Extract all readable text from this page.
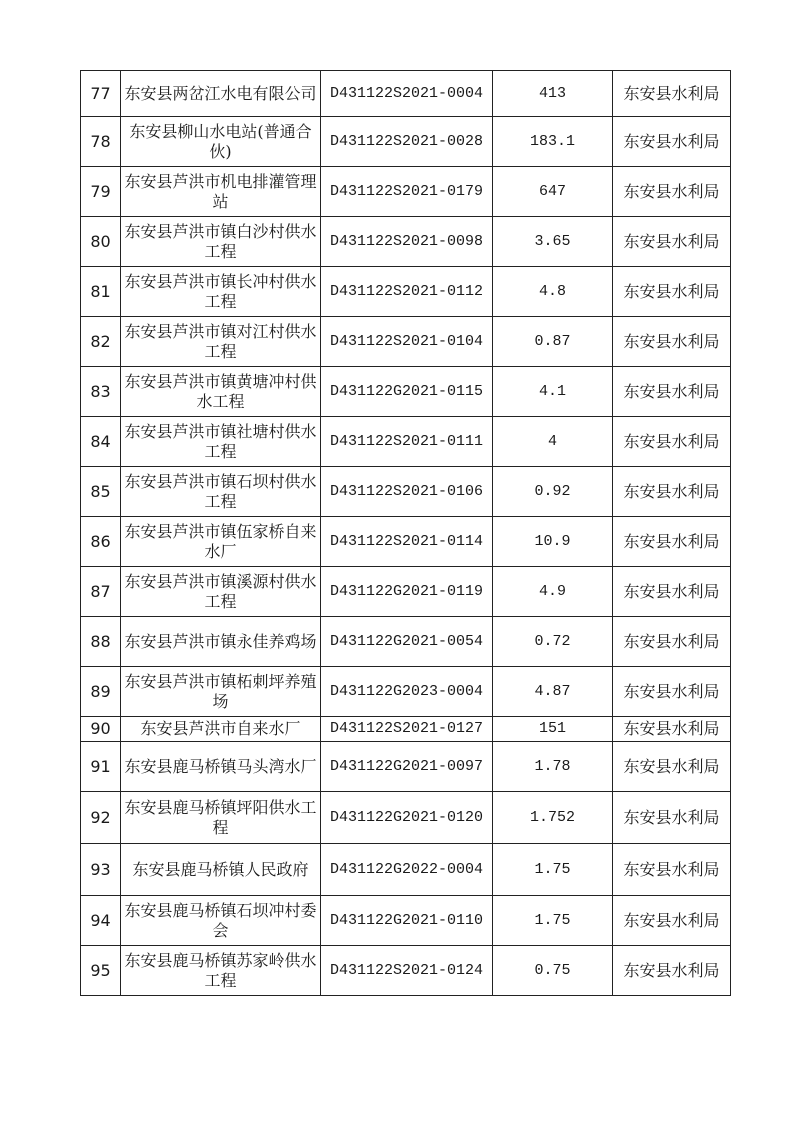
77	东安县两岔江水电有限公司	D431122S2021-0004	413	东安县水利局
78	东安县柳山水电站(普通合伙)	D431122S2021-0028	183.1	东安县水利局
79	东安县芦洪市机电排灌管理站	D431122S2021-0179	647	东安县水利局
80	东安县芦洪市镇白沙村供水工程	D431122S2021-0098	3.65	东安县水利局
81	东安县芦洪市镇长冲村供水工程	D431122S2021-0112	4.8	东安县水利局
82	东安县芦洪市镇对江村供水工程	D431122S2021-0104	0.87	东安县水利局
83	东安县芦洪市镇黄塘冲村供水工程	D431122G2021-0115	4.1	东安县水利局
84	东安县芦洪市镇社塘村供水工程	D431122S2021-0111	4	东安县水利局
85	东安县芦洪市镇石坝村供水工程	D431122S2021-0106	0.92	东安县水利局
86	东安县芦洪市镇伍家桥自来水厂	D431122S2021-0114	10.9	东安县水利局
87	东安县芦洪市镇溪源村供水工程	D431122G2021-0119	4.9	东安县水利局
88	东安县芦洪市镇永佳养鸡场	D431122G2021-0054	0.72	东安县水利局
89	东安县芦洪市镇柘刺坪养殖场	D431122G2023-0004	4.87	东安县水利局
90	东安县芦洪市自来水厂	D431122S2021-0127	151	东安县水利局
91	东安县鹿马桥镇马头湾水厂	D431122G2021-0097	1.78	东安县水利局
92	东安县鹿马桥镇坪阳供水工程	D431122G2021-0120	1.752	东安县水利局
93	东安县鹿马桥镇人民政府	D431122G2022-0004	1.75	东安县水利局
94	东安县鹿马桥镇石坝冲村委会	D431122G2021-0110	1.75	东安县水利局
95	东安县鹿马桥镇苏家岭供水工程	D431122S2021-0124	0.75	东安县水利局
